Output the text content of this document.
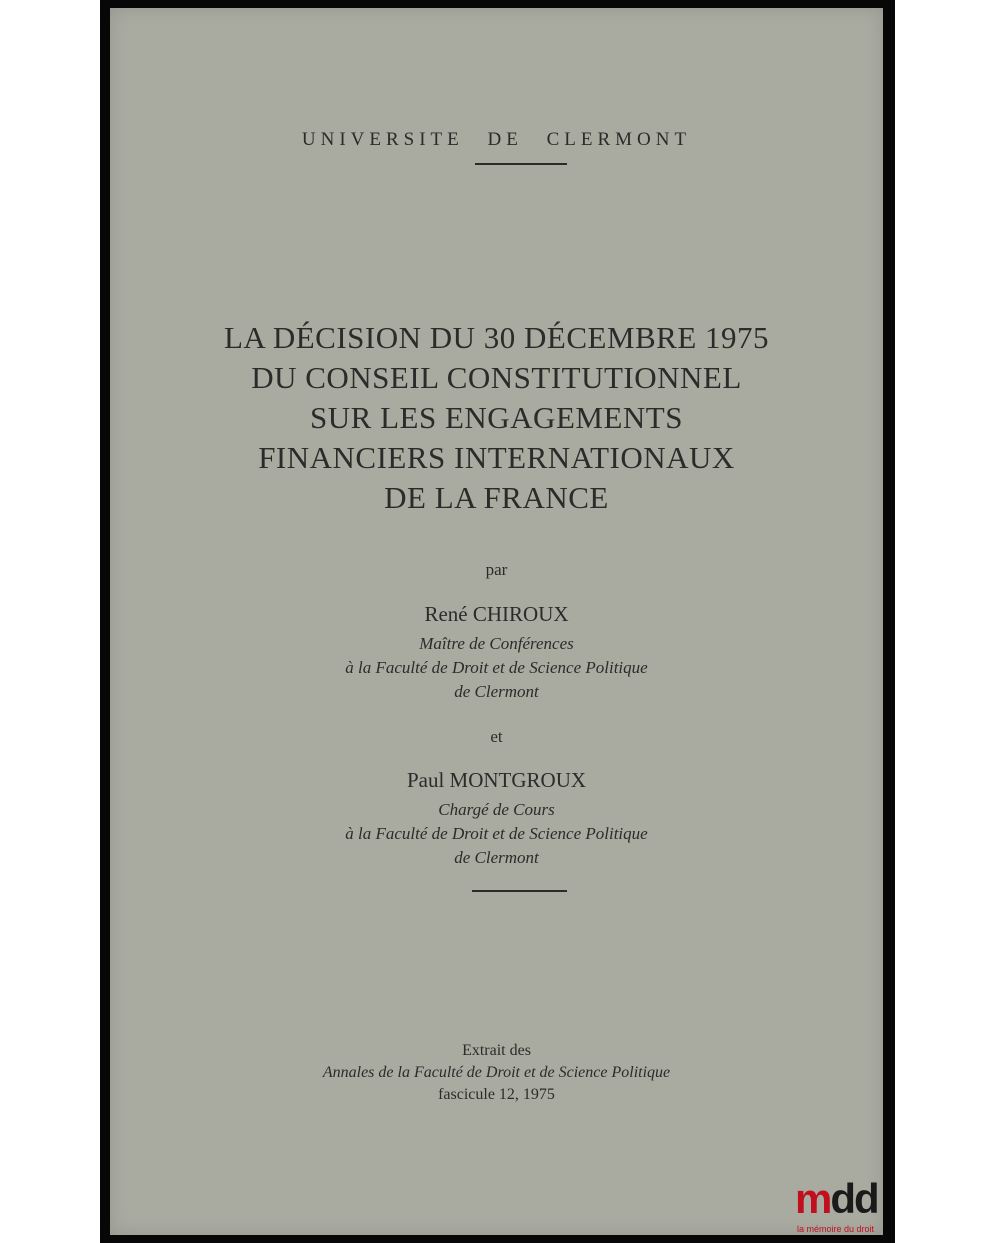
UNIVERSITE DE CLERMONT
LA DÉCISION DU 30 DÉCEMBRE 1975
DU CONSEIL CONSTITUTIONNEL
SUR LES ENGAGEMENTS
FINANCIERS INTERNATIONAUX
DE LA FRANCE
par
René CHIROUX
Maître de Conférences
à la Faculté de Droit et de Science Politique
de Clermont
et
Paul MONTGROUX
Chargé de Cours
à la Faculté de Droit et de Science Politique
de Clermont
Extrait des
Annales de la Faculté de Droit et de Science Politique
fascicule 12, 1975
mdd
la mémoire du droit
